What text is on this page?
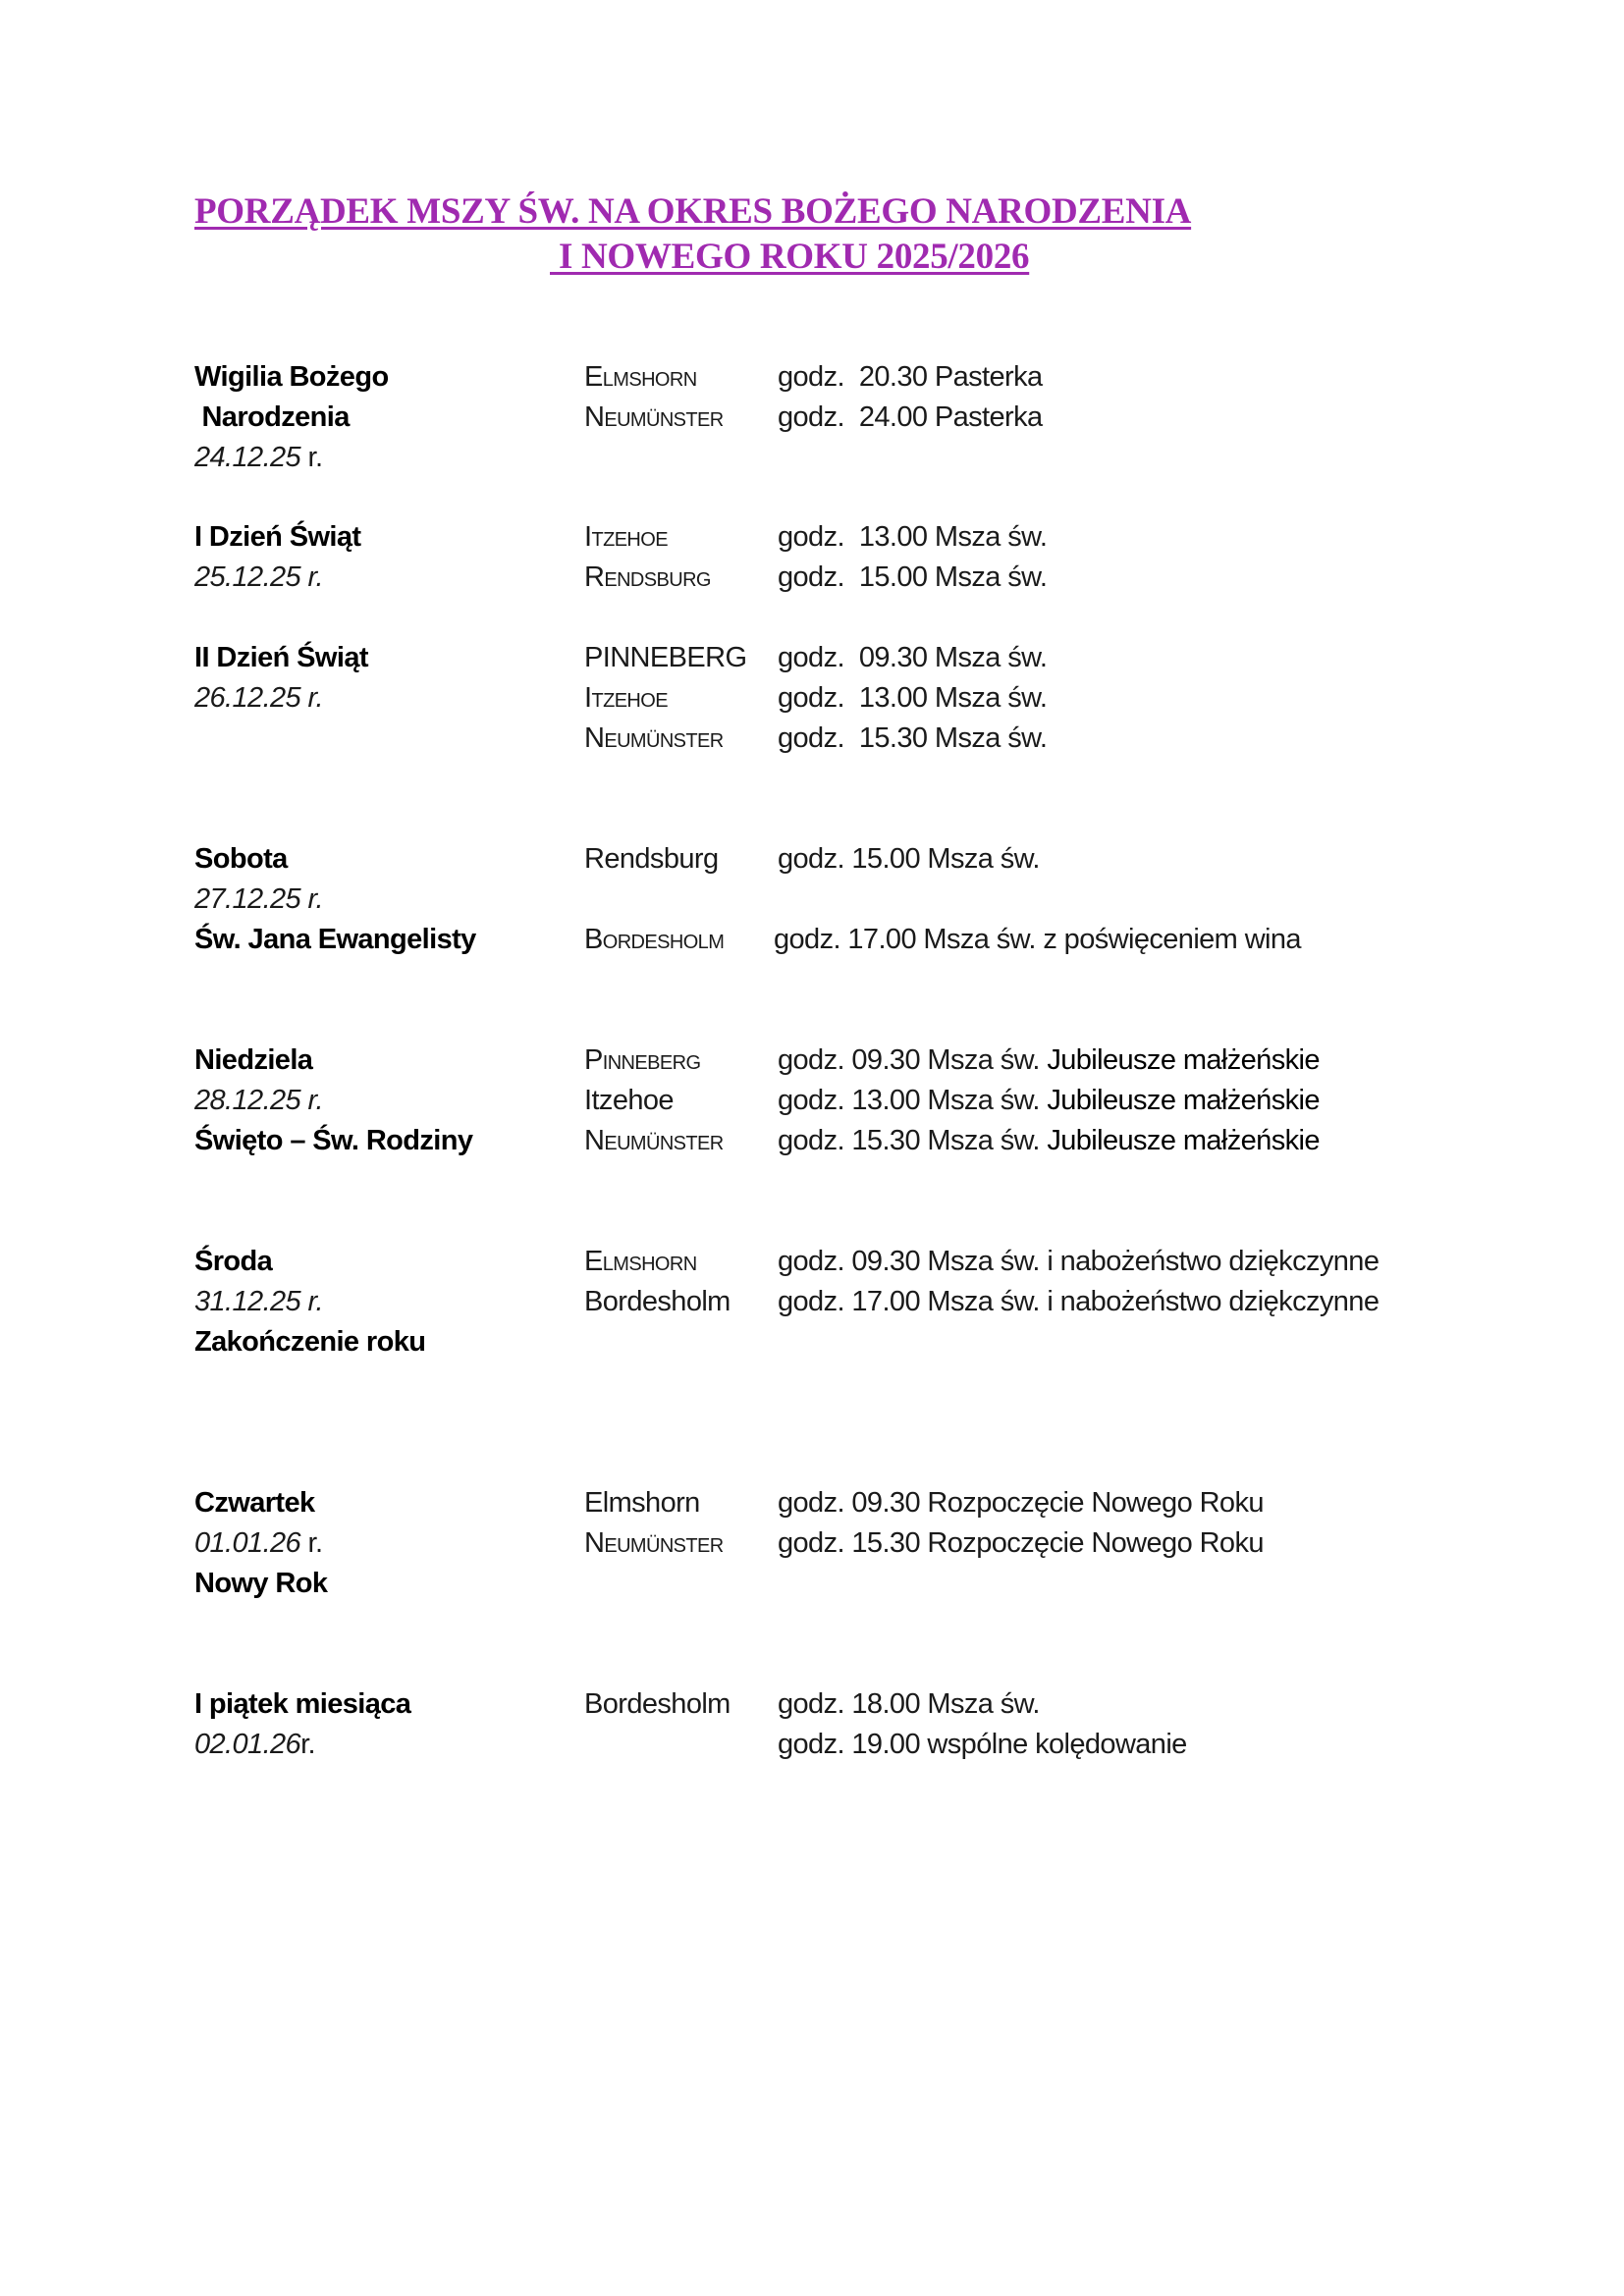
PORZĄDEK MSZY ŚW. NA OKRES BOŻEGO NARODZENIA
I NOWEGO ROKU 2025/2026
Wigilia Bożego
Narodzenia
24.12.25 r.
Elmshorn	godz.  20.30 Pasterka
Neumünster godz.  24.00 Pasterka
I Dzień Świąt
25.12.25 r.
Itzehoe	godz.  13.00 Msza św.
Rendsburg godz.  15.00 Msza św.
II Dzień Świąt
26.12.25 r.
PINNEBERG godz.  09.30 Msza św.
Itzehoe	godz.  13.00 Msza św.
Neumünster godz.  15.30 Msza św.
Sobota
27.12.25 r.
Św. Jana Ewangelisty
Rendsburg godz. 15.00 Msza św.
Bordesholm godz. 17.00 Msza św. z poświęceniem wina
Niedziela
28.12.25 r.
Święto – Św. Rodziny
Pinneberg	godz. 09.30 Msza św. Jubileusze małżeńskie
Itzehoe	godz. 13.00 Msza św. Jubileusze małżeńskie
Neumünster godz. 15.30 Msza św. Jubileusze małżeńskie
Środa
31.12.25 r.
Zakończenie roku
Elmshorn	godz. 09.30 Msza św. i nabożeństwo dziękczynne
Bordesholm godz. 17.00 Msza św. i nabożeństwo dziękczynne
Czwartek
01.01.26 r.
Nowy Rok
Elmshorn	godz. 09.30 Rozpoczęcie Nowego Roku
Neumünster godz. 15.30 Rozpoczęcie Nowego Roku
I piątek miesiąca
02.01.26r.
Bordesholm godz. 18.00 Msza św.
godz. 19.00 wspólne kolędowanie
